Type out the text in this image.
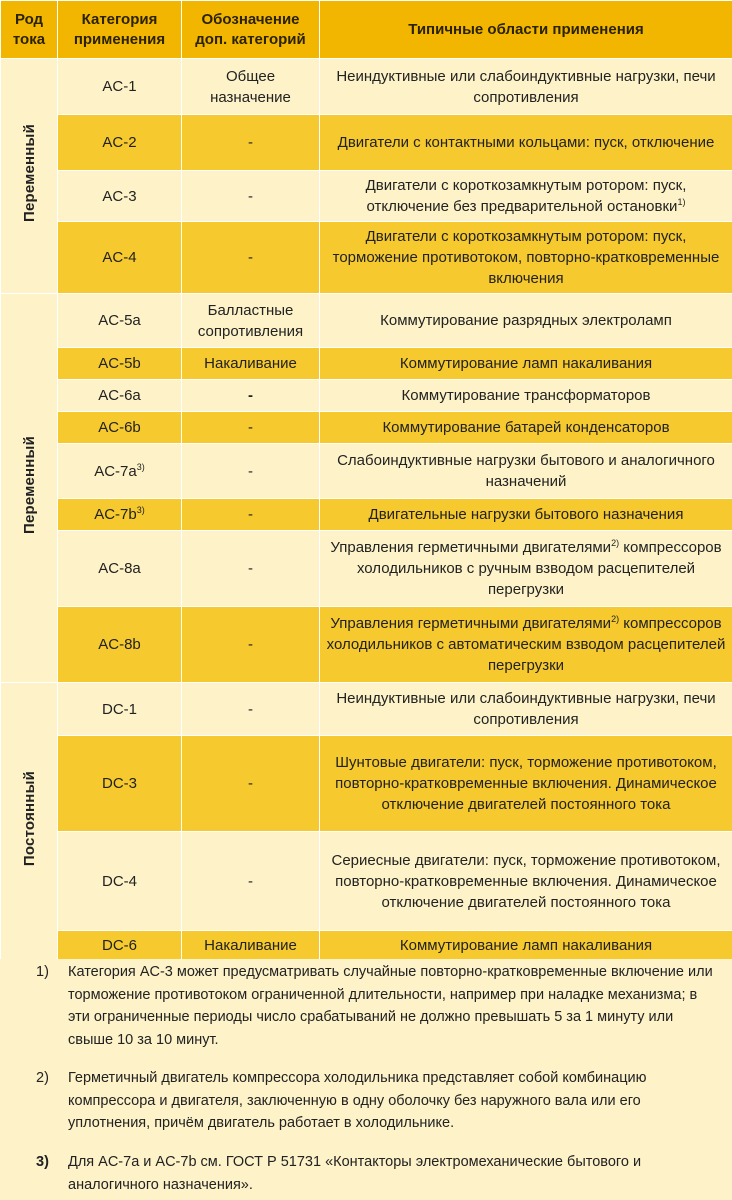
Род тока	Категория применения	Обозначение доп. категорий	Типичные области применения
Переменный	AC-1	Общее назначение	Неиндуктивные или слабоиндуктивные нагрузки, печи сопротивления
	AC-2	-	Двигатели с контактными кольцами: пуск, отключение
	AC-3	-	Двигатели с короткозамкнутым ротором: пуск, отключение без предварительной остановки$^{1)}$
	AC-4	-	Двигатели с короткозамкнутым ротором: пуск, торможение противотоком, повторно-кратковременные включения
Переменный	AC-5a	Балластные сопротивления	Коммутирование разрядных электроламп
	AC-5b	Накаливание	Коммутирование ламп накаливания
	AC-6a	-	Коммутирование трансформаторов
	AC-6b	-	Коммутирование батарей конденсаторов
	$AC-7a^{3)}$	-	Слабоиндуктивные нагрузки бытового и аналогичного назначений
	$AC-7b^{3)}$	-	Двигательные нагрузки бытового назначения
	AC-8a	-	Управления герметичными двигателями$^{2)}$ компрессоров холодильников с ручным взводом расцепителей перегрузки
	AC-8b	-	Управления герметичными двигателями$^{2)}$ компрессоров холодильников с автоматическим взводом расцепителей перегрузки
Постоянный	DC-1	-	Неиндуктивные или слабоиндуктивные нагрузки, печи сопротивления
	DC-3	-	Шунтовые двигатели: пуск, торможение противотоком, повторно-кратковременные включения. Динамическое отключение двигателей постоянного тока
	DC-4	-	Сериесные двигатели: пуск, торможение противотоком, повторно-кратковременные включения. Динамическое отключение двигателей постоянного тока
	DC-6	Накаливание	Коммутирование ламп накаливания
1)	Категория AC-3 может предусматривать случайные повторно-кратковременные включение или торможение противотоком ограниченной длительности, например при наладке механизма; в эти ограниченные периоды число срабатываний не должно превышать 5 за 1 минуту или свыше 10 за 10 минут.
2)	Герметичный двигатель компрессора холодильника представляет собой комбинацию компрессора и двигателя, заключенную в одну оболочку без наружного вала или его уплотнения, причём двигатель работает в холодильнике.
3)	Для AC-7a и AC-7b см. ГОСТ Р 51731 «Контакторы электромеханические бытового и аналогичного назначения».
